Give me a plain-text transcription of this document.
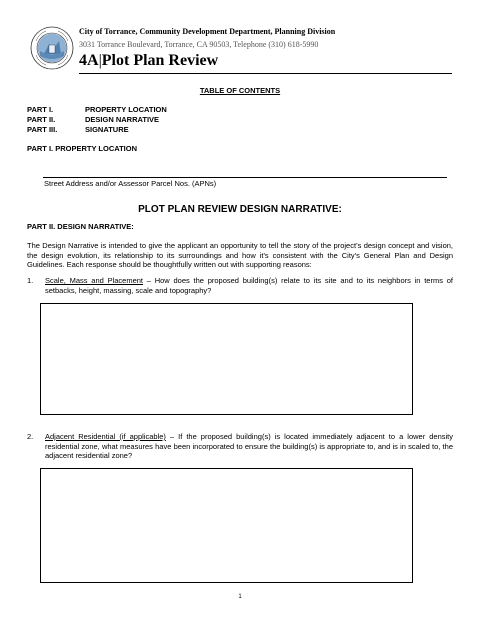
City of Torrance, Community Development Department, Planning Division
3031 Torrance Boulevard, Torrance, CA 90503, Telephone (310) 618-5990
4A|Plot Plan Review
TABLE OF CONTENTS
PART I.	PROPERTY LOCATION
PART II.	DESIGN NARRATIVE
PART III.	SIGNATURE
PART I. PROPERTY LOCATION
Street Address and/or Assessor Parcel Nos. (APNs)
PLOT PLAN REVIEW DESIGN NARRATIVE:
PART II. DESIGN NARRATIVE:
The Design Narrative is intended to give the applicant an opportunity to tell the story of the project’s design concept and vision, the design evolution, its relationship to its surroundings and how it’s consistent with the City’s General Plan and Design Guidelines. Each response should be thoughtfully written out with supporting reasons:
1. Scale, Mass and Placement – How does the proposed building(s) relate to its site and to its neighbors in terms of setbacks, height, massing, scale and topography?
2. Adjacent Residential (if applicable) – If the proposed building(s) is located immediately adjacent to a lower density residential zone, what measures have been incorporated to ensure the building(s) is appropriate to, and is in scaled to, the adjacent residential zone?
1
